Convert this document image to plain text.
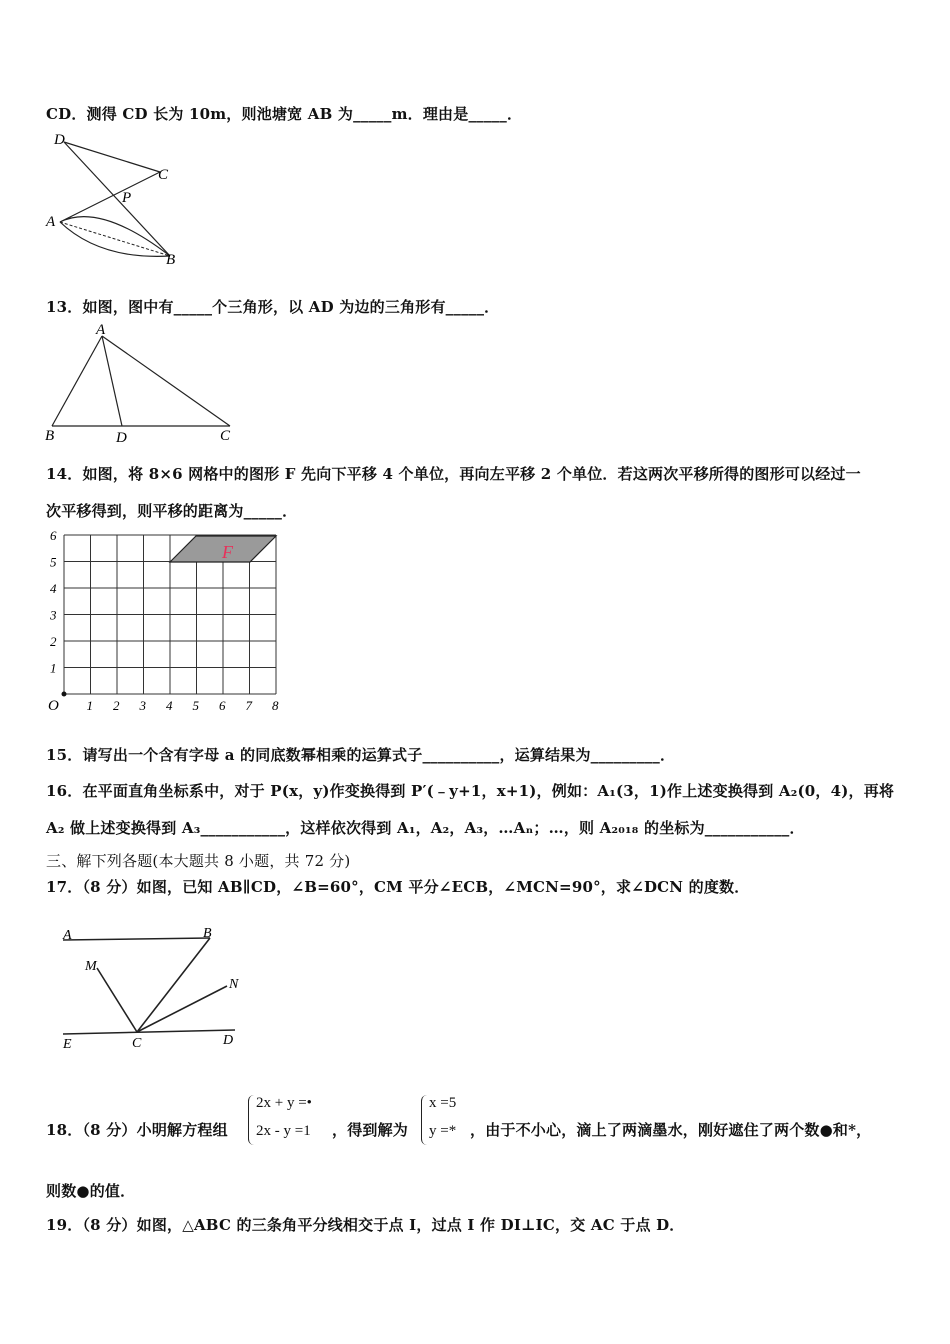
CD．测得 CD 长为 10m，则池塘宽 AB 为_____m．理由是_____．
D
C
P
A
B
13．如图，图中有_____个三角形，以 AD 为边的三角形有_____．
A
B	D	C
14．如图，将 8×6 网格中的图形 F 先向下平移 4 个单位，再向左平移 2 个单位．若这两次平移所得的图形可以经过一
次平移得到，则平移的距离为_____．
F
O
6
5
4
3
2
1
1 2 3 4 5 6 7 8
15．请写出一个含有字母 a 的同底数幂相乘的运算式子__________，运算结果为_________．
16．在平面直角坐标系中，对于 P(x，y)作变换得到 P′(﹣y+1，x+1)，例如：A₁(3，1)作上述变换得到 A₂(0，4)，再将
A₂ 做上述变换得到 A₃___________，这样依次得到 A₁，A₂，A₃，…Aₙ；…，则 A₂₀₁₈ 的坐标为___________．
三、解下列各题(本大题共 8 小题，共 72 分)
17．（8 分）如图，已知 AB∥CD，∠B=60°，CM 平分∠ECB，∠MCN=90°，求∠DCN 的度数．
A	B
M
N
E	C	D
18．（8 分）小明解方程组
2x + y =•
2x - y =1 ，得到解为
x =5
y =* ，由于不小心，滴上了两滴墨水，刚好遮住了两个数●和*，
则数●的值．
19．（8 分）如图，△ABC 的三条角平分线相交于点 I，过点 I 作 DI⊥IC，交 AC 于点 D．
